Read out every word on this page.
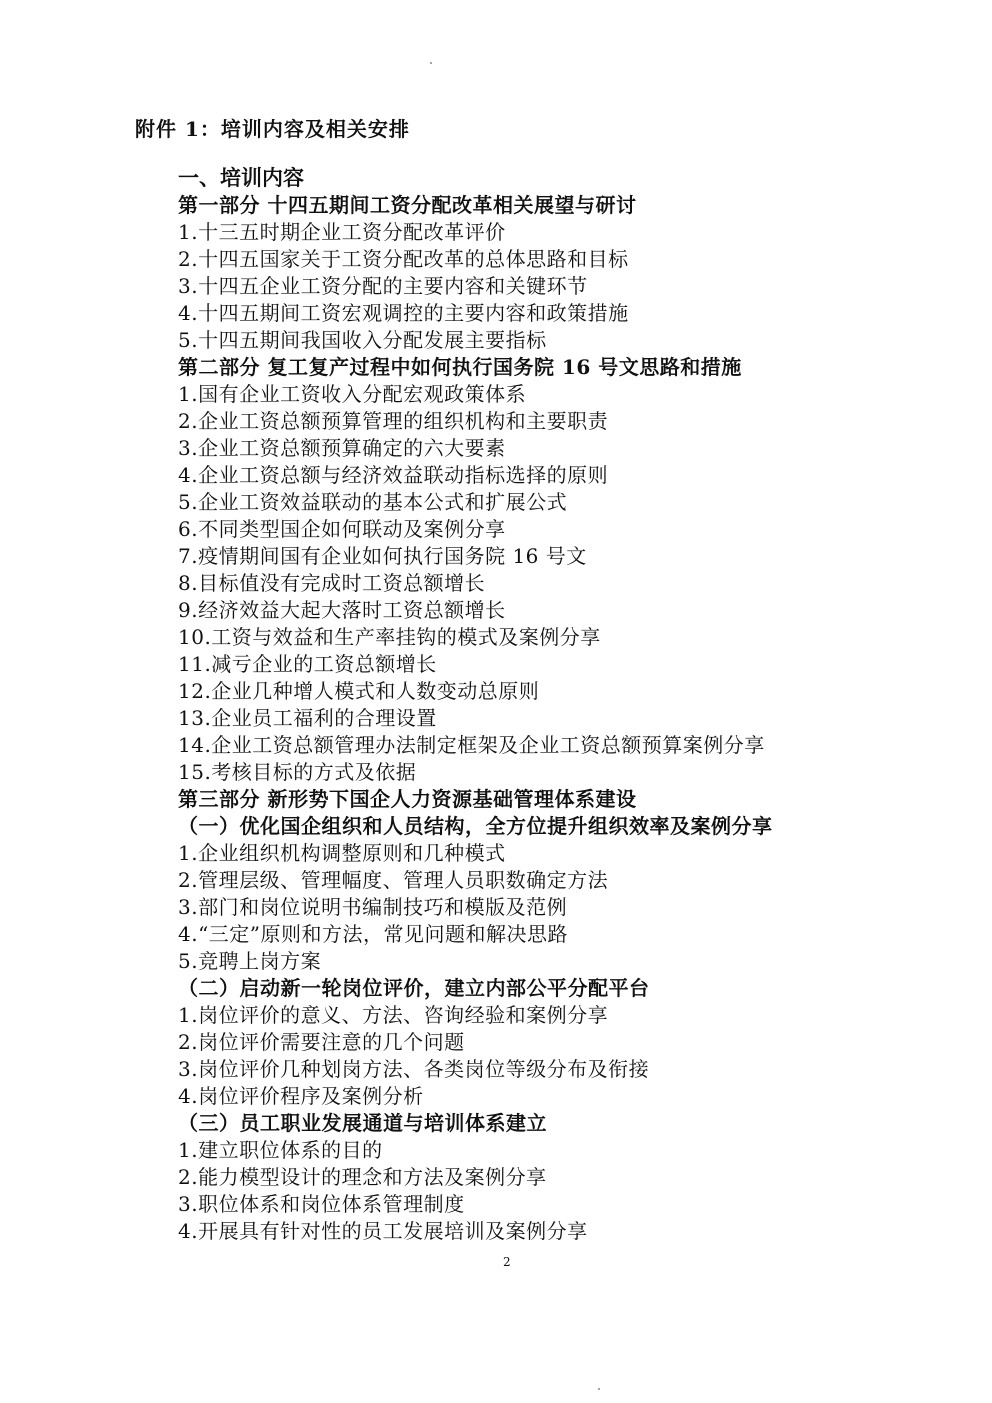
附件 1：培训内容及相关安排
一、培训内容
第一部分 十四五期间工资分配改革相关展望与研讨
1.十三五时期企业工资分配改革评价
2.十四五国家关于工资分配改革的总体思路和目标
3.十四五企业工资分配的主要内容和关键环节
4.十四五期间工资宏观调控的主要内容和政策措施
5.十四五期间我国收入分配发展主要指标
第二部分 复工复产过程中如何执行国务院 16 号文思路和措施
1.国有企业工资收入分配宏观政策体系
2.企业工资总额预算管理的组织机构和主要职责
3.企业工资总额预算确定的六大要素
4.企业工资总额与经济效益联动指标选择的原则
5.企业工资效益联动的基本公式和扩展公式
6.不同类型国企如何联动及案例分享
7.疫情期间国有企业如何执行国务院 16 号文
8.目标值没有完成时工资总额增长
9.经济效益大起大落时工资总额增长
10.工资与效益和生产率挂钩的模式及案例分享
11.减亏企业的工资总额增长
12.企业几种增人模式和人数变动总原则
13.企业员工福利的合理设置
14.企业工资总额管理办法制定框架及企业工资总额预算案例分享
15.考核目标的方式及依据
第三部分 新形势下国企人力资源基础管理体系建设
（一）优化国企组织和人员结构，全方位提升组织效率及案例分享
1.企业组织机构调整原则和几种模式
2.管理层级、管理幅度、管理人员职数确定方法
3.部门和岗位说明书编制技巧和模版及范例
4.“三定”原则和方法，常见问题和解决思路
5.竞聘上岗方案
（二）启动新一轮岗位评价，建立内部公平分配平台
1.岗位评价的意义、方法、咨询经验和案例分享
2.岗位评价需要注意的几个问题
3.岗位评价几种划岗方法、各类岗位等级分布及衔接
4.岗位评价程序及案例分析
（三）员工职业发展通道与培训体系建立
1.建立职位体系的目的
2.能力模型设计的理念和方法及案例分享
3.职位体系和岗位体系管理制度
4.开展具有针对性的员工发展培训及案例分享
2
